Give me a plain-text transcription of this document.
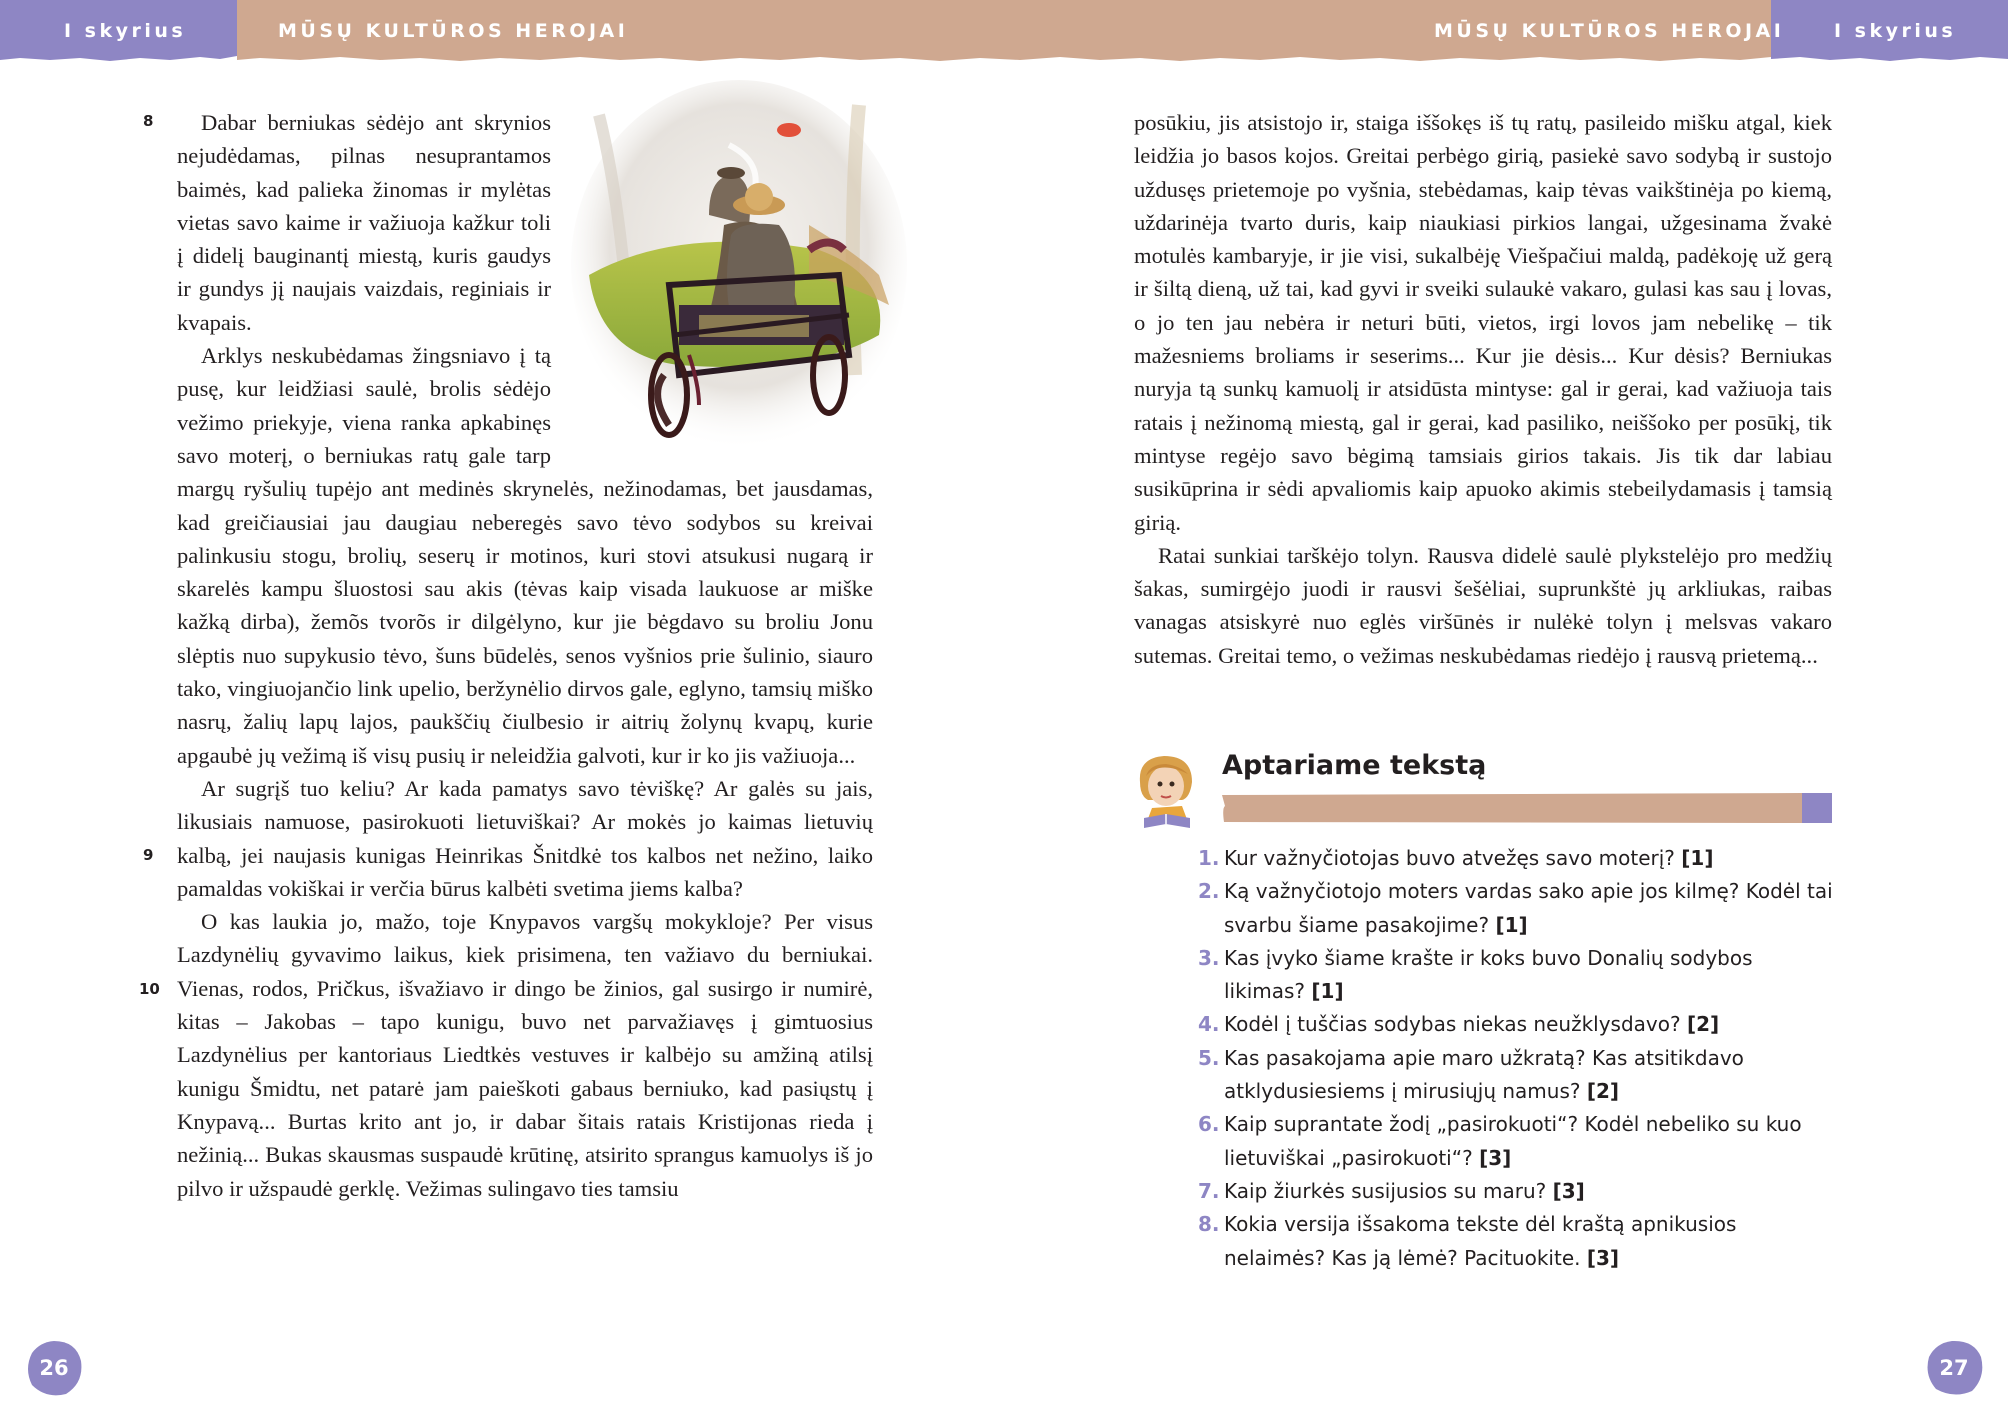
I skyrius	MŪSŲ KULTŪROS HEROJAI	MŪSŲ KULTŪROS HEROJAI	I skyrius
8
9
10

Dabar berniukas sėdėjo ant skrynios nejudėdamas, pilnas nesuprantamos baimės, kad palieka žinomas ir mylėtas vietas savo kaime ir važiuoja kažkur toli į didelį bauginantį miestą, kuris gaudys ir gundys jį naujais vaizdais, reginiais ir kvapais.

Arklys neskubėdamas žingsniavo į tą pusę, kur leidžiasi saulė, brolis sėdėjo vežimo priekyje, viena ranka apkabinęs savo moterį, o berniukas ratų gale tarp margų ryšulių tupėjo ant medinės skrynelės, nežinodamas, bet jausdamas, kad greičiausiai jau daugiau neberegės savo tėvo sodybos su kreivai palinkusiu stogu, brolių, seserų ir motinos, kuri stovi atsukusi nugarą ir skarelės kampu šluostosi sau akis (tėvas kaip visada laukuose ar miške kažką dirba), žemõs tvorõs ir dilgėlyno, kur jie bėgdavo su broliu Jonu slėptis nuo supykusio tėvo, šuns būdelės, senos vyšnios prie šulinio, siauro tako, vingiuojančio link upelio, beržynėlio dirvos gale, eglyno, tamsių miško nasrų, žalių lapų lajos, paukščių čiulbesio ir aitrių žolynų kvapų, kurie apgaubė jų vežimą iš visų pusių ir neleidžia galvoti, kur ir ko jis važiuoja...

Ar sugrįš tuo keliu? Ar kada pamatys savo tėviškę? Ar galės su jais, likusiais namuose, pasirokuoti lietuviškai? Ar mokės jo kaimas lietuvių kalbą, jei naujasis kunigas Heinrikas Šnitdkė tos kalbos net nežino, laiko pamaldas vokiškai ir verčia būrus kalbėti svetima jiems kalba?

O kas laukia jo, mažo, toje Knypavos vargšų mokykloje? Per visus Lazdynėlių gyvavimo laikus, kiek prisimena, ten važiavo du berniukai. Vienas, rodos, Pričkus, išvažiavo ir dingo be žinios, gal susirgo ir numirė, kitas – Jakobas – tapo kunigu, buvo net parvažiavęs į gimtuosius Lazdynėlius per kantoriaus Liedtkės vestuves ir kalbėjo su amžiną atilsį kunigu Šmidtu, net patarė jam paieškoti gabaus berniuko, kad pasiųstų į Knypavą... Burtas krito ant jo, ir dabar šitais ratais Kristijonas rieda į nežinią... Bukas skausmas suspaudė krūtinę, atsirito sprangus kamuolys iš jo pilvo ir užspaudė gerklę. Vežimas sulingavo ties tamsiu

26

posūkiu, jis atsistojo ir, staiga iššokęs iš tų ratų, pasileido mišku atgal, kiek leidžia jo basos kojos. Greitai perbėgo girią, pasiekė savo sodybą ir sustojo uždusęs prietemoje po vyšnia, stebėdamas, kaip tėvas vaikštinėja po kiemą, uždarinėja tvarto duris, kaip niaukiasi pirkios langai, užgesinama žvakė motulės kambaryje, ir jie visi, sukalbėję Viešpačiui maldą, padėkoję už gerą ir šiltą dieną, už tai, kad gyvi ir sveiki sulaukė vakaro, gulasi kas sau į lovas, o jo ten jau nebėra ir neturi būti, vietos, irgi lovos jam nebelikę – tik mažesniems broliams ir seserims... Kur jie dėsis... Kur dėsis? Berniukas nuryja tą sunkų kamuolį ir atsidūsta mintyse: gal ir gerai, kad važiuoja tais ratais į nežinomą miestą, gal ir gerai, kad pasiliko, neiššoko per posūkį, tik mintyse regėjo savo bėgimą tamsiais girios takais. Jis tik dar labiau susikūprina ir sėdi apvaliomis kaip apuoko akimis stebeilydamasis į tamsią girią.

Ratai sunkiai tarškėjo tolyn. Rausva didelė saulė plykstelėjo pro medžių šakas, sumirgėjo juodi ir rausvi šešėliai, suprunkštė jų arkliukas, raibas vanagas atsiskyrė nuo eglės viršūnės ir nulėkė tolyn į melsvas vakaro sutemas. Greitai temo, o vežimas neskubėdamas riedėjo į rausvą prietemą...

Aptariame tekstą
1. Kur važnyčiotojas buvo atvežęs savo moterį? [1]
2. Ką važnyčiotojo moters vardas sako apie jos kilmę? Kodėl tai svarbu šiame pasakojime? [1]
3. Kas įvyko šiame krašte ir koks buvo Donalių sodybos likimas? [1]
4. Kodėl į tuščias sodybas niekas neužklysdavo? [2]
5. Kas pasakojama apie maro užkratą? Kas atsitikdavo atklydusiesiems į mirusiųjų namus? [2]
6. Kaip suprantate žodį „pasirokuoti“? Kodėl nebeliko su kuo lietuviškai „pasirokuoti“? [3]
7. Kaip žiurkės susijusios su maru? [3]
8. Kokia versija išsakoma tekste dėl kraštą apnikusios nelaimės? Kas ją lėmė? Pacituokite. [3]
27
